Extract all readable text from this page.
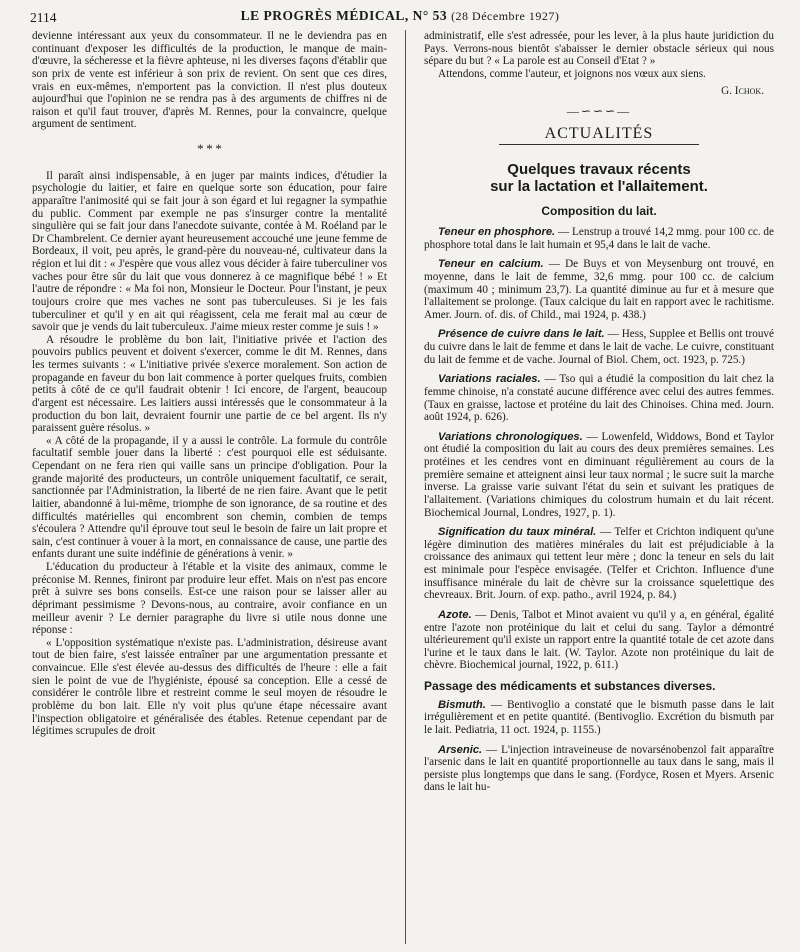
2114	LE PROGRÈS MÉDICAL, N° 53 (28 Décembre 1927)

devienne intéressant aux yeux du consommateur. Il ne le deviendra pas en continuant d'exposer les difficultés de la production, le manque de main-d'œuvre, la sécheresse et la fièvre aphteuse, ni les diverses façons d'établir que son prix de vente est inférieur à son prix de revient. On sent que ces dires, vrais en eux-mêmes, n'emportent pas la conviction. Il n'est plus douteux aujourd'hui que l'opinion ne se rendra pas à des arguments de chiffres ni de raison et qu'il faut trouver, d'après M. Rennes, pour la convaincre, quelque argument de sentiment.

* * *

Il paraît ainsi indispensable, à en juger par maints indices, d'étudier la psychologie du laitier, et faire en quelque sorte son éducation, pour faire apparaître l'animosité qui se fait jour à son égard et lui regagner la sympathie du public. Comment par exemple ne pas s'insurger contre la mentalité singulière qui se fait jour dans l'anecdote suivante, contée à M. Roéland par le Dr Chambrelent. Ce dernier ayant heureusement accouché une jeune femme de Bordeaux, il voit, peu après, le grand-père du nouveau-né, cultivateur dans la région et lui dit : « J'espère que vous allez vous décider à faire tuberculiner vos vaches pour être sûr du lait que vous donnerez à ce magnifique bébé ! » Et l'autre de répondre : « Ma foi non, Monsieur le Docteur. Pour l'instant, je peux toujours croire que mes vaches ne sont pas tuberculeuses. Si je les fais tuberculiner et qu'il y en ait qui réagissent, cela me ferait mal au cœur de savoir que je vends du lait tuberculeux. J'aime mieux rester comme je suis ! »

A résoudre le problème du bon lait, l'initiative privée et l'action des pouvoirs publics peuvent et doivent s'exercer, comme le dit M. Rennes, dans les termes suivants : « L'initiative privée s'exerce moralement. Son action de propagande en faveur du bon lait commence à porter quelques fruits, combien petits à côté de ce qu'il faudrait obtenir ! Ici encore, de l'argent, beaucoup d'argent est nécessaire. Les laitiers aussi intéressés que le consommateur à la production du bon lait, devraient fournir une partie de ce bel argent. Ils n'y paraissent guère résolus. »

« A côté de la propagande, il y a aussi le contrôle. La formule du contrôle facultatif semble jouer dans la liberté : c'est pourquoi elle est séduisante. Cependant on ne fera rien qui vaille sans un principe d'obligation. Pour la grande majorité des producteurs, un contrôle uniquement facultatif, ce serait, sanctionnée par l'Administration, la liberté de ne rien faire. Avant que le petit laitier, abandonné à lui-même, triomphe de son ignorance, de sa routine et des difficultés matérielles qui encombrent son chemin, combien de temps s'écoulera ? Attendre qu'il éprouve tout seul le besoin de faire un lait propre et sain, c'est continuer à vouer à la mort, en connaissance de cause, une partie des enfants durant une suite indéfinie de générations à venir. »

L'éducation du producteur à l'étable et la visite des animaux, comme le préconise M. Rennes, finiront par produire leur effet. Mais on n'est pas encore prêt à suivre ses bons conseils. Est-ce une raison pour se laisser aller au déprimant pessimisme ? Devons-nous, au contraire, avoir confiance en un meilleur avenir ? Le dernier paragraphe du livre si utile nous donne une réponse :

« L'opposition systématique n'existe pas. L'administration, désireuse avant tout de bien faire, s'est laissée entraîner par une argumentation pressante et convaincue. Elle s'est élevée au-dessus des difficultés de l'heure : elle a fait sien le point de vue de l'hygiéniste, épousé sa conception. Elle a cessé de considérer le contrôle libre et restreint comme le seul moyen de résoudre le problème du bon lait. Elle n'y voit plus qu'une étape nécessaire avant l'inspection obligatoire et généralisée des étables. Retenue cependant par de légitimes scrupules de droit

administratif, elle s'est adressée, pour les lever, à la plus haute juridiction du Pays. Verrons-nous bientôt s'abaisser le dernier obstacle sérieux qui nous sépare du but ? « La parole est au Conseil d'Etat ? »

Attendons, comme l'auteur, et joignons nos vœux aux siens.

G. Ichok.
—∽∽∽—
ACTUALITÉS
Quelques travaux récents
sur la lactation et l'allaitement.
Composition du lait.

Teneur en phosphore. — Lenstrup a trouvé 14,2 mmg. pour 100 cc. de phosphore total dans le lait humain et 95,4 dans le lait de vache.

Teneur en calcium. — De Buys et von Meysenburg ont trouvé, en moyenne, dans le lait de femme, 32,6 mmg. pour 100 cc. de calcium (maximum 40 ; minimum 23,7). La quantité diminue au fur et à mesure que l'allaitement se prolonge. (Taux calcique du lait en rapport avec le rachitisme. Amer. Journ. of. dis. of Child., mai 1924, p. 438.)

Présence de cuivre dans le lait. — Hess, Supplee et Bellis ont trouvé du cuivre dans le lait de femme et dans le lait de vache. Le cuivre, constituant du lait de femme et de vache. Journal of Biol. Chem, oct. 1923, p. 725.)

Variations raciales. — Tso qui a étudié la composition du lait chez la femme chinoise, n'a constaté aucune différence avec celui des autres femmes. (Taux en graisse, lactose et protéine du lait des Chinoises. China med. Journ. août 1924, p. 626).

Variations chronologiques. — Lowenfeld, Widdows, Bond et Taylor ont étudié la composition du lait au cours des deux premières semaines. Les protéines et les cendres vont en diminuant régulièrement au cours de la première semaine et atteignent ainsi leur taux normal ; le sucre suit la marche inverse. La graisse varie suivant l'état du sein et suivant les pratiques de l'allaitement. (Variations chimiques du colostrum humain et du lait récent. Biochemical Journal, Londres, 1927, p. 1).

Signification du taux minéral. — Telfer et Crichton indiquent qu'une légère diminution des matières minérales du lait est préjudiciable à la croissance des animaux qui tettent leur mère ; donc la teneur en sels du lait est minimale pour l'espèce envisagée. (Telfer et Crichton. Influence d'une insuffisance minérale du lait de chèvre sur la croissance squelettique des chevreaux. Brit. Journ. of exp. patho., avril 1924, p. 84.)

Azote. — Denis, Talbot et Minot avaient vu qu'il y a, en général, égalité entre l'azote non protéinique du lait et celui du sang. Taylor a démontré ultérieurement qu'il existe un rapport entre la quantité totale de cet azote dans l'urine et le taux dans le lait. (W. Taylor. Azote non protéinique du lait de chèvre. Biochemical journal, 1922, p. 611.)

Passage des médicaments et substances diverses.

Bismuth. — Bentivoglio a constaté que le bismuth passe dans le lait irrégulièrement et en petite quantité. (Bentivoglio. Excrétion du bismuth par le lait. Pediatria, 11 oct. 1924, p. 1155.)

Arsenic. — L'injection intraveineuse de novarsénobenzol fait apparaître l'arsenic dans le lait en quantité proportionnelle au taux dans le sang, mais il persiste plus longtemps que dans le sang. (Fordyce, Rosen et Myers. Arsenic dans le lait hu-
